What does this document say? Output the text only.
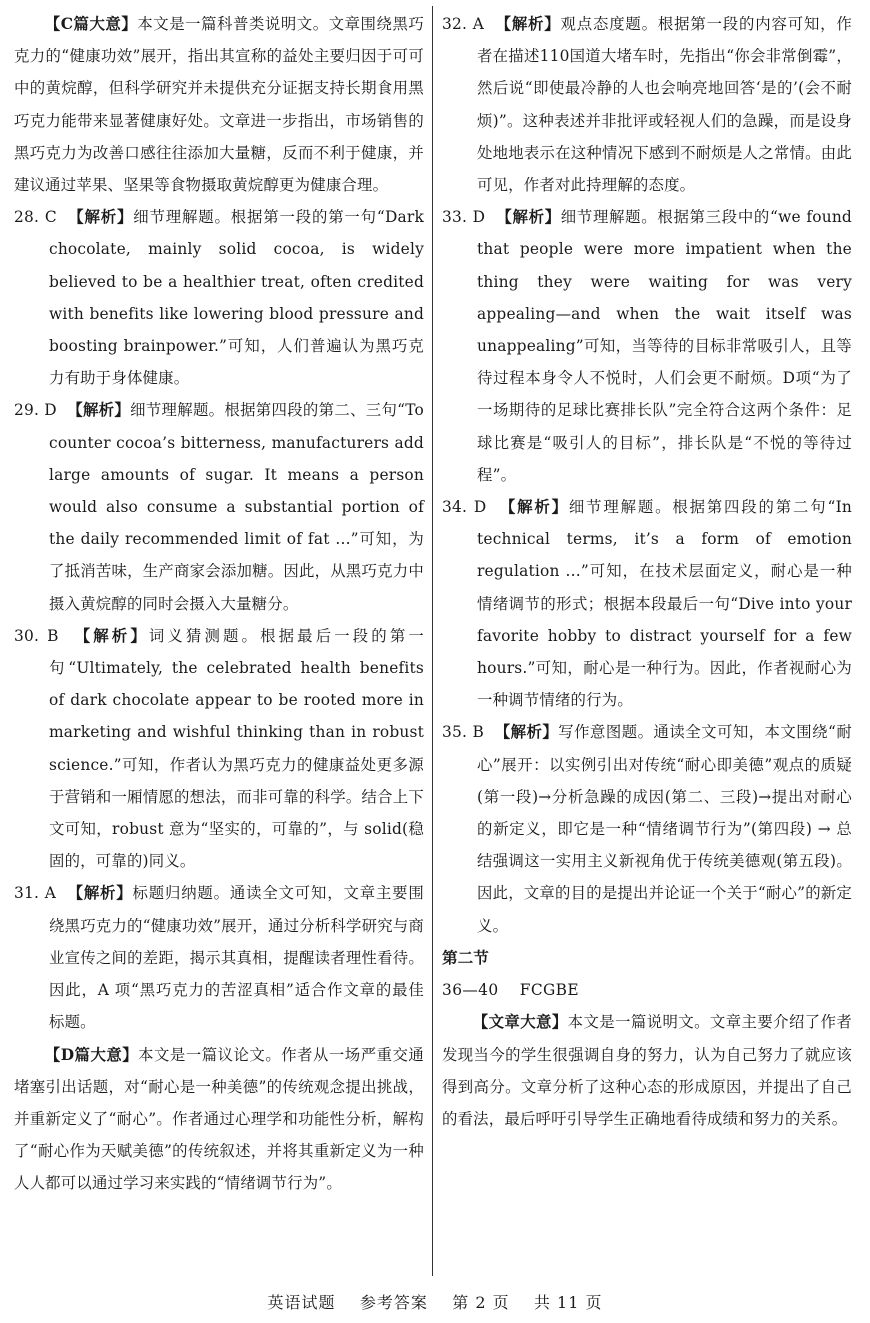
【C篇大意】本文是一篇科普类说明文。文章围绕黑巧克力的“健康功效”展开，指出其宣称的益处主要归因于可可中的黄烷醇，但科学研究并未提供充分证据支持长期食用黑巧克力能带来显著健康好处。文章进一步指出，市场销售的黑巧克力为改善口感往往添加大量糖，反而不利于健康，并建议通过苹果、坚果等食物摄取黄烷醇更为健康合理。

28. C 【解析】细节理解题。根据第一段的第一句“Dark chocolate, mainly solid cocoa, is widely believed to be a healthier treat, often credited with benefits like lowering blood pressure and boosting brainpower.”可知，人们普遍认为黑巧克力有助于身体健康。

29. D 【解析】细节理解题。根据第四段的第二、三句“To counter cocoa’s bitterness, manufacturers add large amounts of sugar. It means a person would also consume a substantial portion of the daily recommended limit of fat ...”可知，为了抵消苦味，生产商家会添加糖。因此，从黑巧克力中摄入黄烷醇的同时会摄入大量糖分。

30. B 【解析】词义猜测题。根据最后一段的第一句“Ultimately, the celebrated health benefits of dark chocolate appear to be rooted more in marketing and wishful thinking than in robust science.”可知，作者认为黑巧克力的健康益处更多源于营销和一厢情愿的想法，而非可靠的科学。结合上下文可知，robust 意为“坚实的，可靠的”，与 solid(稳固的，可靠的)同义。

31. A 【解析】标题归纳题。通读全文可知，文章主要围绕黑巧克力的“健康功效”展开，通过分析科学研究与商业宣传之间的差距，揭示其真相，提醒读者理性看待。因此，A 项“黑巧克力的苦涩真相”适合作文章的最佳标题。

【D篇大意】本文是一篇议论文。作者从一场严重交通堵塞引出话题，对“耐心是一种美德”的传统观念提出挑战，并重新定义了“耐心”。作者通过心理学和功能性分析，解构了“耐心作为天赋美德”的传统叙述，并将其重新定义为一种人人都可以通过学习来实践的“情绪调节行为”。

32. A 【解析】观点态度题。根据第一段的内容可知，作者在描述110国道大堵车时，先指出“你会非常倒霉”，然后说“即使最冷静的人也会响亮地回答‘是的’(会不耐烦)”。这种表述并非批评或轻视人们的急躁，而是设身处地地表示在这种情况下感到不耐烦是人之常情。由此可见，作者对此持理解的态度。

33. D 【解析】细节理解题。根据第三段中的“we found that people were more impatient when the thing they were waiting for was very appealing—and when the wait itself was unappealing”可知，当等待的目标非常吸引人，且等待过程本身令人不悦时，人们会更不耐烦。D项“为了一场期待的足球比赛排长队”完全符合这两个条件：足球比赛是“吸引人的目标”，排长队是“不悦的等待过程”。

34. D 【解析】细节理解题。根据第四段的第二句“In technical terms, it’s a form of emotion regulation ...”可知，在技术层面定义，耐心是一种情绪调节的形式；根据本段最后一句“Dive into your favorite hobby to distract yourself for a few hours.”可知，耐心是一种行为。因此，作者视耐心为一种调节情绪的行为。

35. B 【解析】写作意图题。通读全文可知，本文围绕“耐心”展开：以实例引出对传统“耐心即美德”观点的质疑(第一段)→分析急躁的成因(第二、三段)→提出对耐心的新定义，即它是一种“情绪调节行为”(第四段) → 总结强调这一实用主义新视角优于传统美德观(第五段)。因此，文章的目的是提出并论证一个关于“耐心”的新定义。

第二节

36—40 FCGBE

【文章大意】本文是一篇说明文。文章主要介绍了作者发现当今的学生很强调自身的努力，认为自己努力了就应该得到高分。文章分析了这种心态的形成原因，并提出了自己的看法，最后呼吁引导学生正确地看待成绩和努力的关系。

英语试题 参考答案 第 2 页 共 11 页
